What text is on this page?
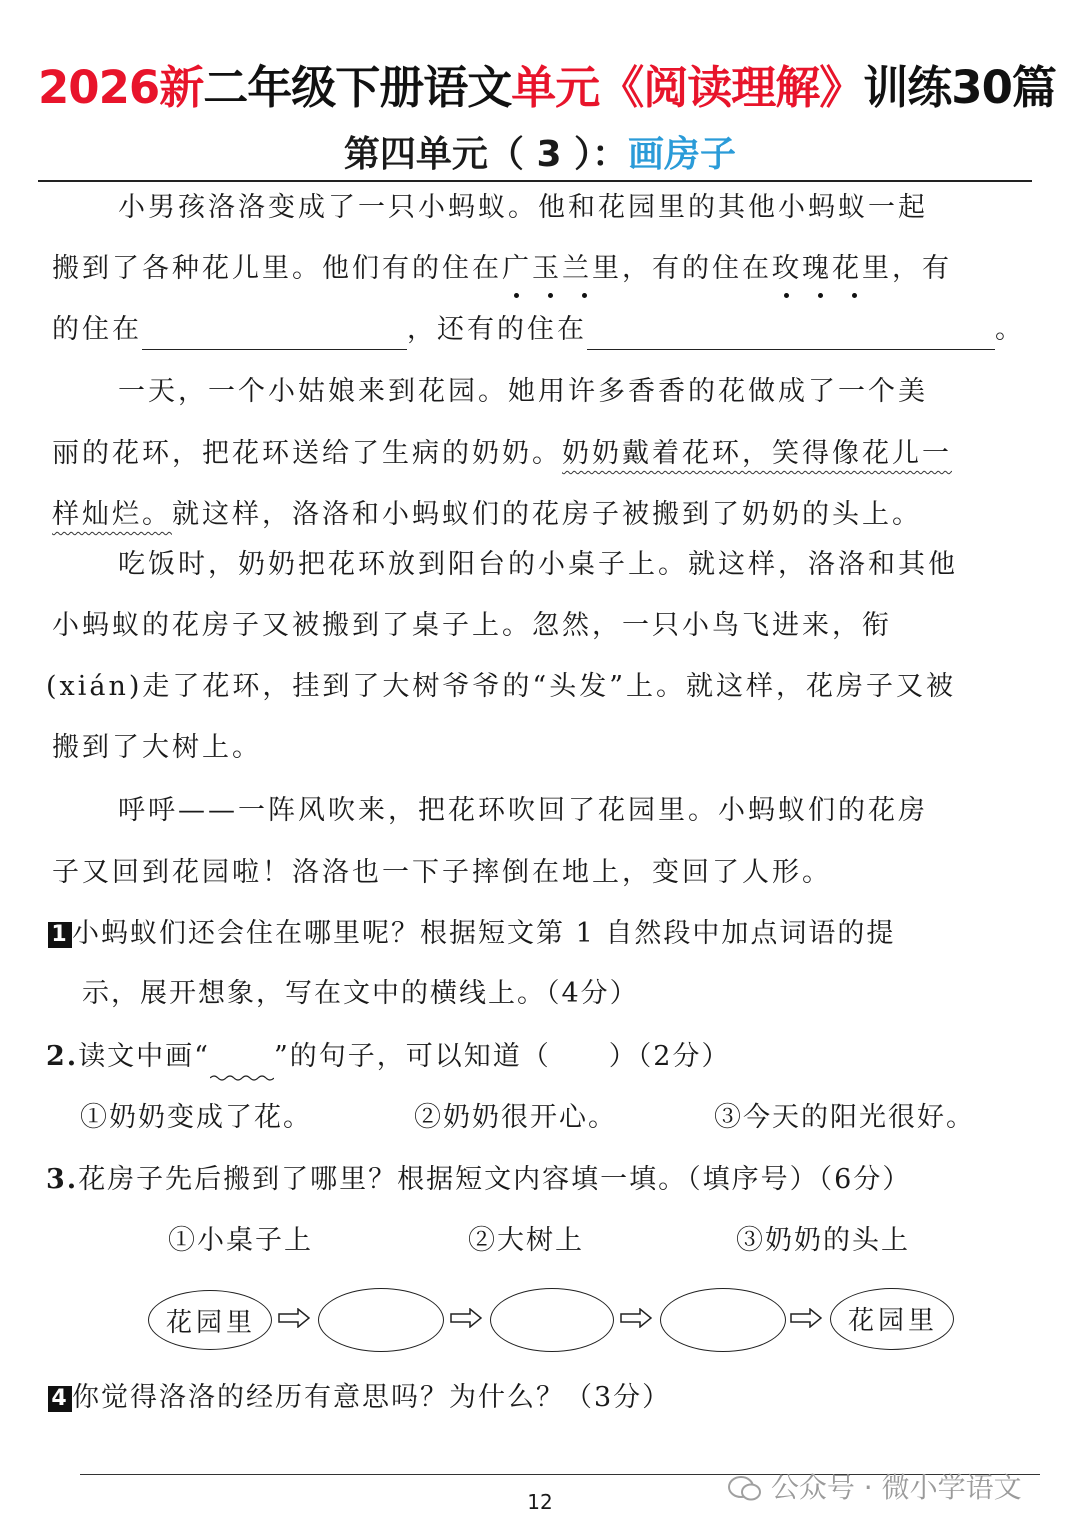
2026新二年级下册语文单元《阅读理解》训练30篇
第四单元（ 3 ）：画房子
小男孩洛洛变成了一只小蚂蚁。他和花园里的其他小蚂蚁一起
搬到了各种花儿里。他们有的住在广玉兰
里，有的住在玫瑰花
里，有
的住在	，还有的住在	。
一天，一个小姑娘来到花园。她用许多香香的花做成了一个美
丽的花环，把花环送给了生病的奶奶。奶奶戴着花环，笑得像花儿一
样灿烂。就这样，洛洛和小蚂蚁们的花房子被搬到了奶奶的头上。
吃饭时，奶奶把花环放到阳台的小桌子上。就这样，洛洛和其他
小蚂蚁的花房子又被搬到了桌子上。忽然，一只小鸟飞进来，衔
(xián)走了花环，挂到了大树爷爷的“头发”上。就这样，花房子又被
搬到了大树上。
呼呼——一阵风吹来，把花环吹回了花园里。小蚂蚁们的花房
子又回到花园啦！洛洛也一下子摔倒在地上，变回了人形。
1 小蚂蚁们还会住在哪里呢？根据短文第 1 自然段中加点词语的提
示，展开想象，写在文中的横线上。（4分）
2.读文中画“ ”的句子，可以知道（　　）（2分）
①奶奶变成了花。	②奶奶很开心。	③今天的阳光很好。
3.花房子先后搬到了哪里？根据短文内容填一填。（填序号）（6分）
①小桌子上	②大树上	③奶奶的头上
花园里	花园里
4 你觉得洛洛的经历有意思吗？为什么？（3分）
12	公众号 · 微小学语文
